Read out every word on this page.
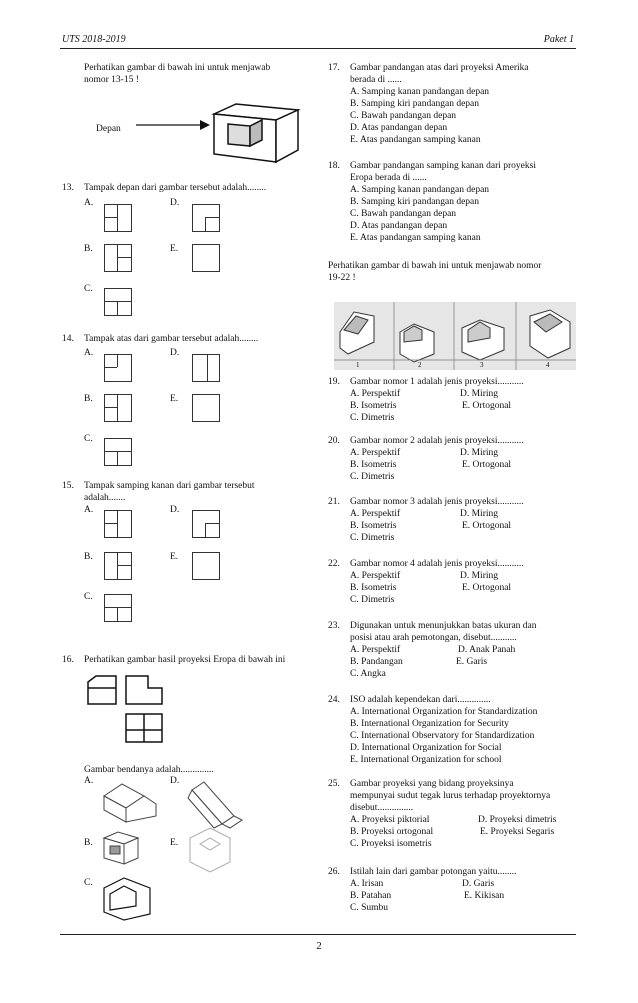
UTS 2018-2019	Paket 1
Perhatikan gambar di bawah ini untuk menjawab
nomor 13-15 !
Depan
13. Tampak depan dari gambar tersebut adalah........
A.	D.
B.	E.
C.
14. Tampak atas dari gambar tersebut adalah........
A.	D.
B.	E.
C.
15. Tampak samping kanan dari gambar tersebut
adalah.......
A.	D.
B.	E.
C.
16. Perhatikan gambar hasil proyeksi Eropa di bawah ini
Gambar bendanya adalah..............
A.	D.
B.	E.
C.
17. Gambar pandangan atas dari proyeksi Amerika
berada di ......
A. Samping kanan pandangan depan
B. Samping kiri pandangan depan
C. Bawah pandangan depan
D. Atas pandangan depan
E. Atas pandangan samping kanan
18. Gambar pandangan samping kanan dari proyeksi
Eropa berada di ......
A. Samping kanan pandangan depan
B. Samping kiri pandangan depan
C. Bawah pandangan depan
D. Atas pandangan depan
E. Atas pandangan samping kanan
Perhatikan gambar di bawah ini untuk menjawab nomor
19-22 !
1	2	3	4
19. Gambar nomor 1 adalah jenis proyeksi...........
A. Perspektif	D. Miring
B. Isometris	E. Ortogonal
C. Dimetris
20. Gambar nomor 2 adalah jenis proyeksi...........
A. Perspektif	D. Miring
B. Isometris	E. Ortogonal
C. Dimetris
21. Gambar nomor 3 adalah jenis proyeksi...........
A. Perspektif	D. Miring
B. Isometris	E. Ortogonal
C. Dimetris
22. Gambar nomor 4 adalah jenis proyeksi...........
A. Perspektif	D. Miring
B. Isometris	E. Ortogonal
C. Dimetris
23. Digunakan untuk menunjukkan batas ukuran dan
posisi atau arah pemotongan, disebut...........
A. Perspektif	D. Anak Panah
B. Pandangan	E. Garis
C. Angka
24. ISO adalah kependekan dari..............
A. International Organization for Standardization
B. International Organization for Security
C. International Observatory for Standardization
D. International Organization for Social
E. International Organization for school
25. Gambar proyeksi yang bidang proyeksinya
mempunyai sudut tegak lurus terhadap proyektornya
disebut...............
A. Proyeksi piktorial	D. Proyeksi dimetris
B. Proyeksi ortogonal	E. Proyeksi Segaris
C. Proyeksi isometris
26. Istilah lain dari gambar potongan yaitu........
A. Irisan	D. Garis
B. Patahan	E. Kikisan
C. Sumbu
2
